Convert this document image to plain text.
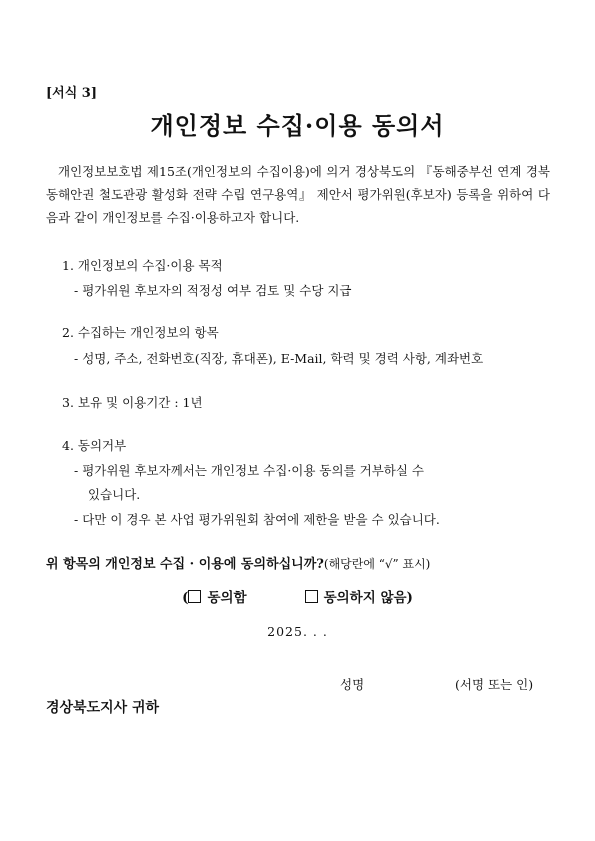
[서식 3]
개인정보 수집·이용 동의서
개인정보보호법 제15조(개인정보의 수집이용)에 의거 경상북도의 『동해중부선 연계 경북 동해안권 철도관광 활성화 전략 수립 연구용역』 제안서 평가위원(후보자) 등록을 위하여 다음과 같이 개인정보를 수집·이용하고자 합니다.
1. 개인정보의 수집·이용 목적
- 평가위원 후보자의 적정성 여부 검토 및 수당 지급
2. 수집하는 개인정보의 항목
- 성명, 주소, 전화번호(직장, 휴대폰), E-Mail, 학력 및 경력 사항, 계좌번호
3. 보유 및 이용기간 : 1년
4. 동의거부
- 평가위원 후보자께서는 개인정보 수집·이용 동의를 거부하실 수
있습니다.
- 다만 이 경우 본 사업 평가위원회 참여에 제한을 받을 수 있습니다.
위 항목의 개인정보 수집 · 이용에 동의하십니까?(해당란에 “√” 표시)
( 동의함	동의하지 않음)
2025. . .
성명	(서명 또는 인)
경상북도지사 귀하
